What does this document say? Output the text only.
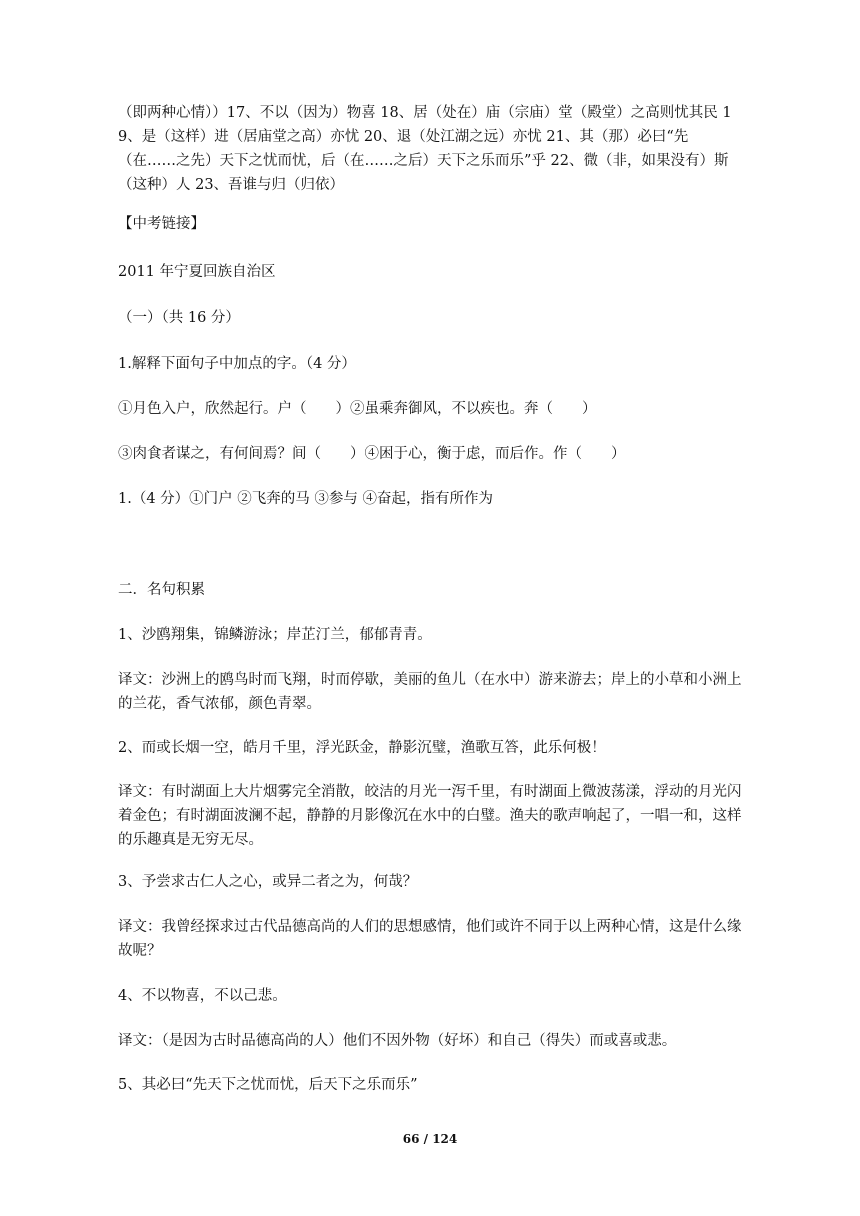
（即两种心情））17、不以（因为）物喜 18、居（处在）庙（宗庙）堂（殿堂）之高则忧其民 19、是（这样）进（居庙堂之高）亦忧 20、退（处江湖之远）亦忧 21、其（那）必曰“先（在……之先）天下之忧而忧，后（在……之后）天下之乐而乐”乎 22、微（非，如果没有）斯（这种）人 23、吾谁与归（归依）

【中考链接】

2011 年宁夏回族自治区

（一）（共 16 分）

1.解释下面句子中加点的字。（4 分）

①月色入户，欣然起行。户（　　）②虽乘奔御风，不以疾也。奔（　　）

③肉食者谋之，有何间焉？间（　　）④困于心，衡于虑，而后作。作（　　）

1.（4 分）①门户 ②飞奔的马 ③参与 ④奋起，指有所作为

二．名句积累

1、沙鸥翔集，锦鳞游泳；岸芷汀兰，郁郁青青。

译文：沙洲上的鸥鸟时而飞翔，时而停歇，美丽的鱼儿（在水中）游来游去；岸上的小草和小洲上的兰花，香气浓郁，颜色青翠。

2、而或长烟一空，皓月千里，浮光跃金，静影沉璧，渔歌互答，此乐何极！

译文：有时湖面上大片烟雾完全消散，皎洁的月光一泻千里，有时湖面上微波荡漾，浮动的月光闪着金色；有时湖面波澜不起，静静的月影像沉在水中的白璧。渔夫的歌声响起了，一唱一和，这样的乐趣真是无穷无尽。

3、予尝求古仁人之心，或异二者之为，何哉？

译文：我曾经探求过古代品德高尚的人们的思想感情，他们或许不同于以上两种心情，这是什么缘故呢？

4、不以物喜，不以己悲。

译文：（是因为古时品德高尚的人）他们不因外物（好坏）和自己（得失）而或喜或悲。

5、其必曰“先天下之忧而忧，后天下之乐而乐”

66 / 124
